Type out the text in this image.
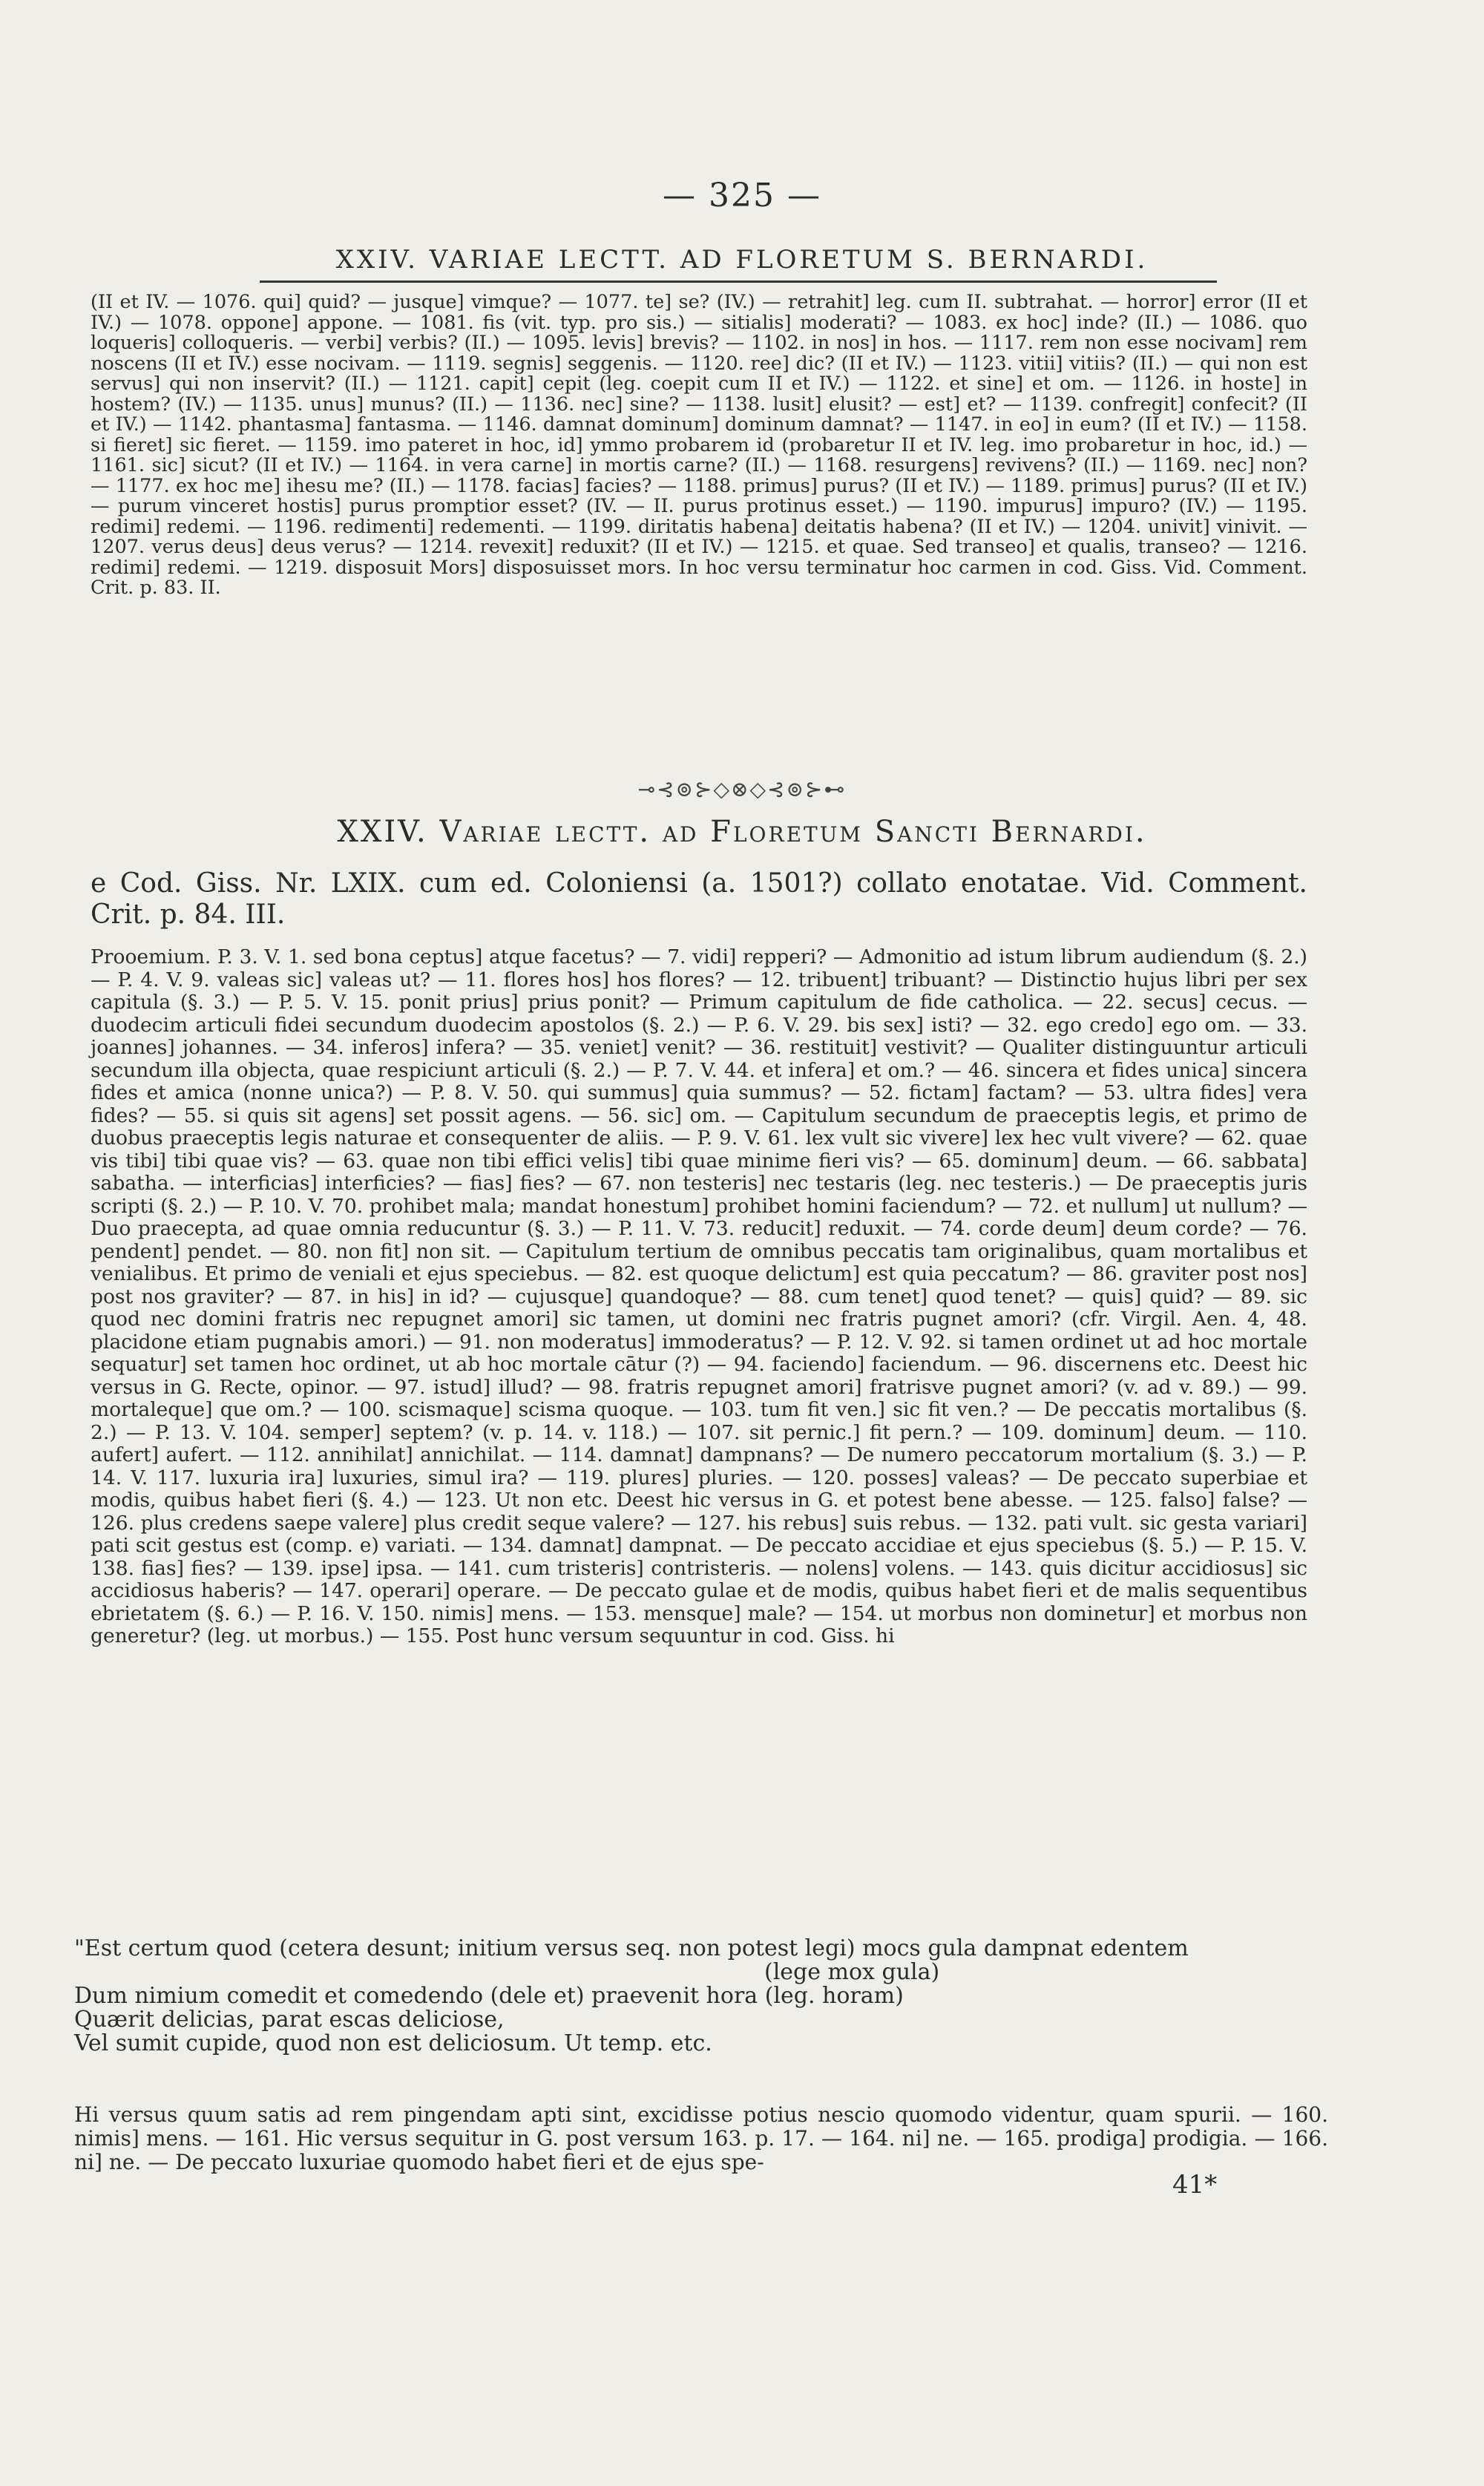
— 325 —
XXIV. VARIAE LECTT. AD FLORETUM S. BERNARDI.
(II et IV. — 1076. qui] quid? — jusque] vimque? — 1077. te] se? (IV.) — retrahit] leg. cum II. subtrahat. — horror] error (II et IV.) — 1078. oppone] appone. — 1081. fis (vit. typ. pro sis.) — sitialis] moderati? — 1083. ex hoc] inde? (II.) — 1086. quo loqueris] colloqueris. — verbi] verbis? (II.) — 1095. levis] brevis? — 1102. in nos] in hos. — 1117. rem non esse nocivam] rem noscens (II et IV.) esse nocivam. — 1119. segnis] seggenis. — 1120. ree] dic? (II et IV.) — 1123. vitii] vitiis? (II.) — qui non est servus] qui non inservit? (II.) — 1121. capit] cepit (leg. coepit cum II et IV.) — 1122. et sine] et om. — 1126. in hoste] in hostem? (IV.) — 1135. unus] munus? (II.) — 1136. nec] sine? — 1138. lusit] elusit? — est] et? — 1139. confregit] confecit? (II et IV.) — 1142. phantasma] fantasma. — 1146. damnat dominum] dominum damnat? — 1147. in eo] in eum? (II et IV.) — 1158. si fieret] sic fieret. — 1159. imo pateret in hoc, id] ymmo probarem id (probaretur II et IV. leg. imo probaretur in hoc, id.) — 1161. sic] sicut? (II et IV.) — 1164. in vera carne] in mortis carne? (II.) — 1168. resurgens] revivens? (II.) — 1169. nec] non? — 1177. ex hoc me] ihesu me? (II.) — 1178. facias] facies? — 1188. primus] purus? (II et IV.) — 1189. primus] purus? (II et IV.) — purum vinceret hostis] purus promptior esset? (IV. — II. purus protinus esset.) — 1190. impurus] impuro? (IV.) — 1195. redimi] redemi. — 1196. redimenti] redementi. — 1199. diritatis habena] deitatis habena? (II et IV.) — 1204. univit] vinivit. — 1207. verus deus] deus verus? — 1214. revexit] reduxit? (II et IV.) — 1215. et quae. Sed transeo] et qualis, transeo? — 1216. redimi] redemi. — 1219. disposuit Mors] disposuisset mors. In hoc versu terminatur hoc carmen in cod. Giss. Vid. Comment. Crit. p. 83. II.
⊸⊰⊚⊱◇⊗◇⊰⊚⊱⊷
XXIV. Variae lectt. ad Floretum Sancti Bernardi.
e Cod. Giss. Nr. LXIX. cum ed. Coloniensi (a. 1501?) collato enotatae. Vid. Comment. Crit. p. 84. III.
Prooemium. P. 3. V. 1. sed bona ceptus] atque facetus? — 7. vidi] repperi? — Admonitio ad istum librum audiendum (§. 2.) — P. 4. V. 9. valeas sic] valeas ut? — 11. flores hos] hos flores? — 12. tribuent] tribuant? — Distinctio hujus libri per sex capitula (§. 3.) — P. 5. V. 15. ponit prius] prius ponit? — Primum capitulum de fide catholica. — 22. secus] cecus. — duodecim articuli fidei secundum duodecim apostolos (§. 2.) — P. 6. V. 29. bis sex] isti? — 32. ego credo] ego om. — 33. joannes] johannes. — 34. inferos] infera? — 35. veniet] venit? — 36. restituit] vestivit? — Qualiter distinguuntur articuli secundum illa objecta, quae respiciunt articuli (§. 2.) — P. 7. V. 44. et infera] et om.? — 46. sincera et fides unica] sincera fides et amica (nonne unica?) — P. 8. V. 50. qui summus] quia summus? — 52. fictam] factam? — 53. ultra fides] vera fides? — 55. si quis sit agens] set possit agens. — 56. sic] om. — Capitulum secundum de praeceptis legis, et primo de duobus praeceptis legis naturae et consequenter de aliis. — P. 9. V. 61. lex vult sic vivere] lex hec vult vivere? — 62. quae vis tibi] tibi quae vis? — 63. quae non tibi effici velis] tibi quae minime fieri vis? — 65. dominum] deum. — 66. sabbata] sabatha. — interficias] interficies? — fias] fies? — 67. non testeris] nec testaris (leg. nec testeris.) — De praeceptis juris scripti (§. 2.) — P. 10. V. 70. prohibet mala; mandat honestum] prohibet homini faciendum? — 72. et nullum] ut nullum? — Duo praecepta, ad quae omnia reducuntur (§. 3.) — P. 11. V. 73. reducit] reduxit. — 74. corde deum] deum corde? — 76. pendent] pendet. — 80. non fit] non sit. — Capitulum tertium de omnibus peccatis tam originalibus, quam mortalibus et venialibus. Et primo de veniali et ejus speciebus. — 82. est quoque delictum] est quia peccatum? — 86. graviter post nos] post nos graviter? — 87. in his] in id? — cujusque] quandoque? — 88. cum tenet] quod tenet? — quis] quid? — 89. sic quod nec domini fratris nec repugnet amori] sic tamen, ut domini nec fratris pugnet amori? (cfr. Virgil. Aen. 4, 48. placidone etiam pugnabis amori.) — 91. non moderatus] immoderatus? — P. 12. V. 92. si tamen ordinet ut ad hoc mortale sequatur] set tamen hoc ordinet, ut ab hoc mortale cātur (?) — 94. faciendo] faciendum. — 96. discernens etc. Deest hic versus in G. Recte, opinor. — 97. istud] illud? — 98. fratris repugnet amori] fratrisve pugnet amori? (v. ad v. 89.) — 99. mortaleque] que om.? — 100. scismaque] scisma quoque. — 103. tum fit ven.] sic fit ven.? — De peccatis mortalibus (§. 2.) — P. 13. V. 104. semper] septem? (v. p. 14. v. 118.) — 107. sit pernic.] fit pern.? — 109. dominum] deum. — 110. aufert] aufert. — 112. annihilat] annichilat. — 114. damnat] dampnans? — De numero peccatorum mortalium (§. 3.) — P. 14. V. 117. luxuria ira] luxuries, simul ira? — 119. plures] pluries. — 120. posses] valeas? — De peccato superbiae et modis, quibus habet fieri (§. 4.) — 123. Ut non etc. Deest hic versus in G. et potest bene abesse. — 125. falso] false? — 126. plus credens saepe valere] plus credit seque valere? — 127. his rebus] suis rebus. — 132. pati vult. sic gesta variari] pati scit gestus est (comp. e) variati. — 134. damnat] dampnat. — De peccato accidiae et ejus speciebus (§. 5.) — P. 15. V. 138. fias] fies? — 139. ipse] ipsa. — 141. cum tristeris] contristeris. — nolens] volens. — 143. quis dicitur accidiosus] sic accidiosus haberis? — 147. operari] operare. — De peccato gulae et de modis, quibus habet fieri et de malis sequentibus ebrietatem (§. 6.) — P. 16. V. 150. nimis] mens. — 153. mensque] male? — 154. ut morbus non dominetur] et morbus non generetur? (leg. ut morbus.) — 155. Post hunc versum sequuntur in cod. Giss. hi
"Est certum quod (cetera desunt; initium versus seq. non potest legi) mocs gula dampnat edentem
(lege mox gula)
Dum nimium comedit et comedendo (dele et) praevenit hora (leg. horam)
Quærit delicias, parat escas deliciose,
Vel sumit cupide, quod non est deliciosum. Ut temp. etc.
Hi versus quum satis ad rem pingendam apti sint, excidisse potius nescio quomodo videntur, quam spurii. — 160. nimis] mens. — 161. Hic versus sequitur in G. post versum 163. p. 17. — 164. ni] ne. — 165. prodiga] prodigia. — 166. ni] ne. — De peccato luxuriae quomodo habet fieri et de ejus spe-
41*
